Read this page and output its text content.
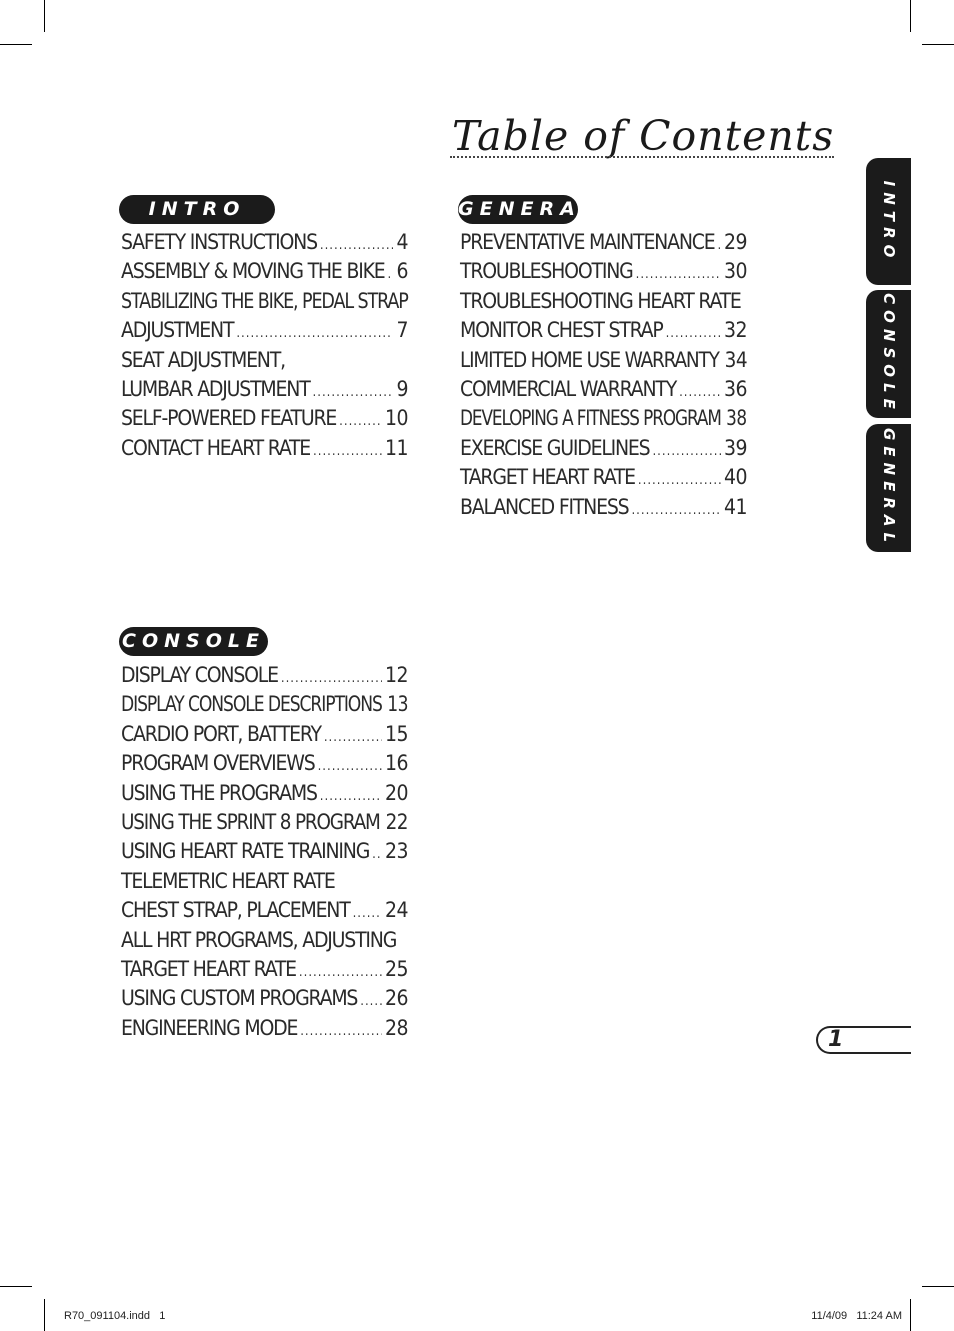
Table of Contents
INTRO	GENERAL
CONSOLE
SAFETY INSTRUCTIONS .....	4
ASSEMBLY & MOVING THE BIKE ..... 6
STABILIZING THE BIKE, PEDAL STRAP
ADJUSTMENT .....	7
SEAT ADJUSTMENT,
LUMBAR ADJUSTMENT .....	9
SELF-POWERED FEATURE ..... 10
CONTACT HEART RATE .....	11
PREVENTATIVE MAINTENANCE ..... 29
TROUBLESHOOTING .....	30
TROUBLESHOOTING HEART RATE
MONITOR CHEST STRAP .....	32
LIMITED HOME USE WARRANTY 34
COMMERCIAL WARRANTY ..... 36
DEVELOPING A FITNESS PROGRAM 38
EXERCISE GUIDELINES .....	39
TARGET HEART RATE .....	40
BALANCED FITNESS .....	41
DISPLAY CONSOLE .....	12
DISPLAY CONSOLE DESCRIPTIONS 13
CARDIO PORT, BATTERY .....	15
PROGRAM OVERVIEWS .....	16
USING THE PROGRAMS .....	20
USING THE SPRINT 8 PROGRAM 22
USING HEART RATE TRAINING ..... 23
TELEMETRIC HEART RATE
CHEST STRAP, PLACEMENT ..... 24
ALL HRT PROGRAMS, ADJUSTING
TARGET HEART RATE .....	25
USING CUSTOM PROGRAMS ..... 26
ENGINEERING MODE .....	28
INTRO
CONSOLE
GENERAL
1
R70_091104.indd   1	11/4/09   11:24 AM
